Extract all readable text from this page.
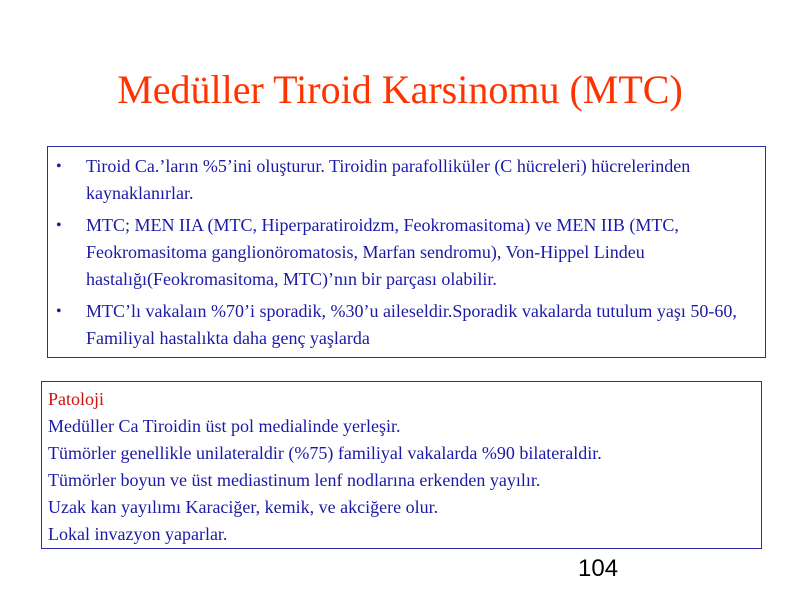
Medüller Tiroid Karsinomu (MTC)
• Tiroid Ca.’ların %5’ini oluşturur. Tiroidin parafolliküler (C hücreleri) hücrelerinden kaynaklanırlar.
• MTC; MEN IIA (MTC, Hiperparatiroidzm, Feokromasitoma) ve MEN IIB (MTC, Feokromasitoma ganglionöromatosis, Marfan sendromu), Von-Hippel Lindeu hastalığı(Feokromasitoma, MTC)’nın bir parçası olabilir.
• MTC’lı vakalaın %70’i sporadik, %30’u aileseldir.Sporadik vakalarda tutulum yaşı 50-60, Familiyal hastalıkta daha genç yaşlarda
Patoloji
Medüller Ca Tiroidin üst pol medialinde yerleşir.
Tümörler genellikle unilateraldir (%75) familiyal vakalarda %90 bilateraldir.
Tümörler boyun ve üst mediastinum lenf nodlarına erkenden yayılır.
Uzak kan yayılımı Karaciğer, kemik, ve akciğere olur.
Lokal invazyon yaparlar.
104
